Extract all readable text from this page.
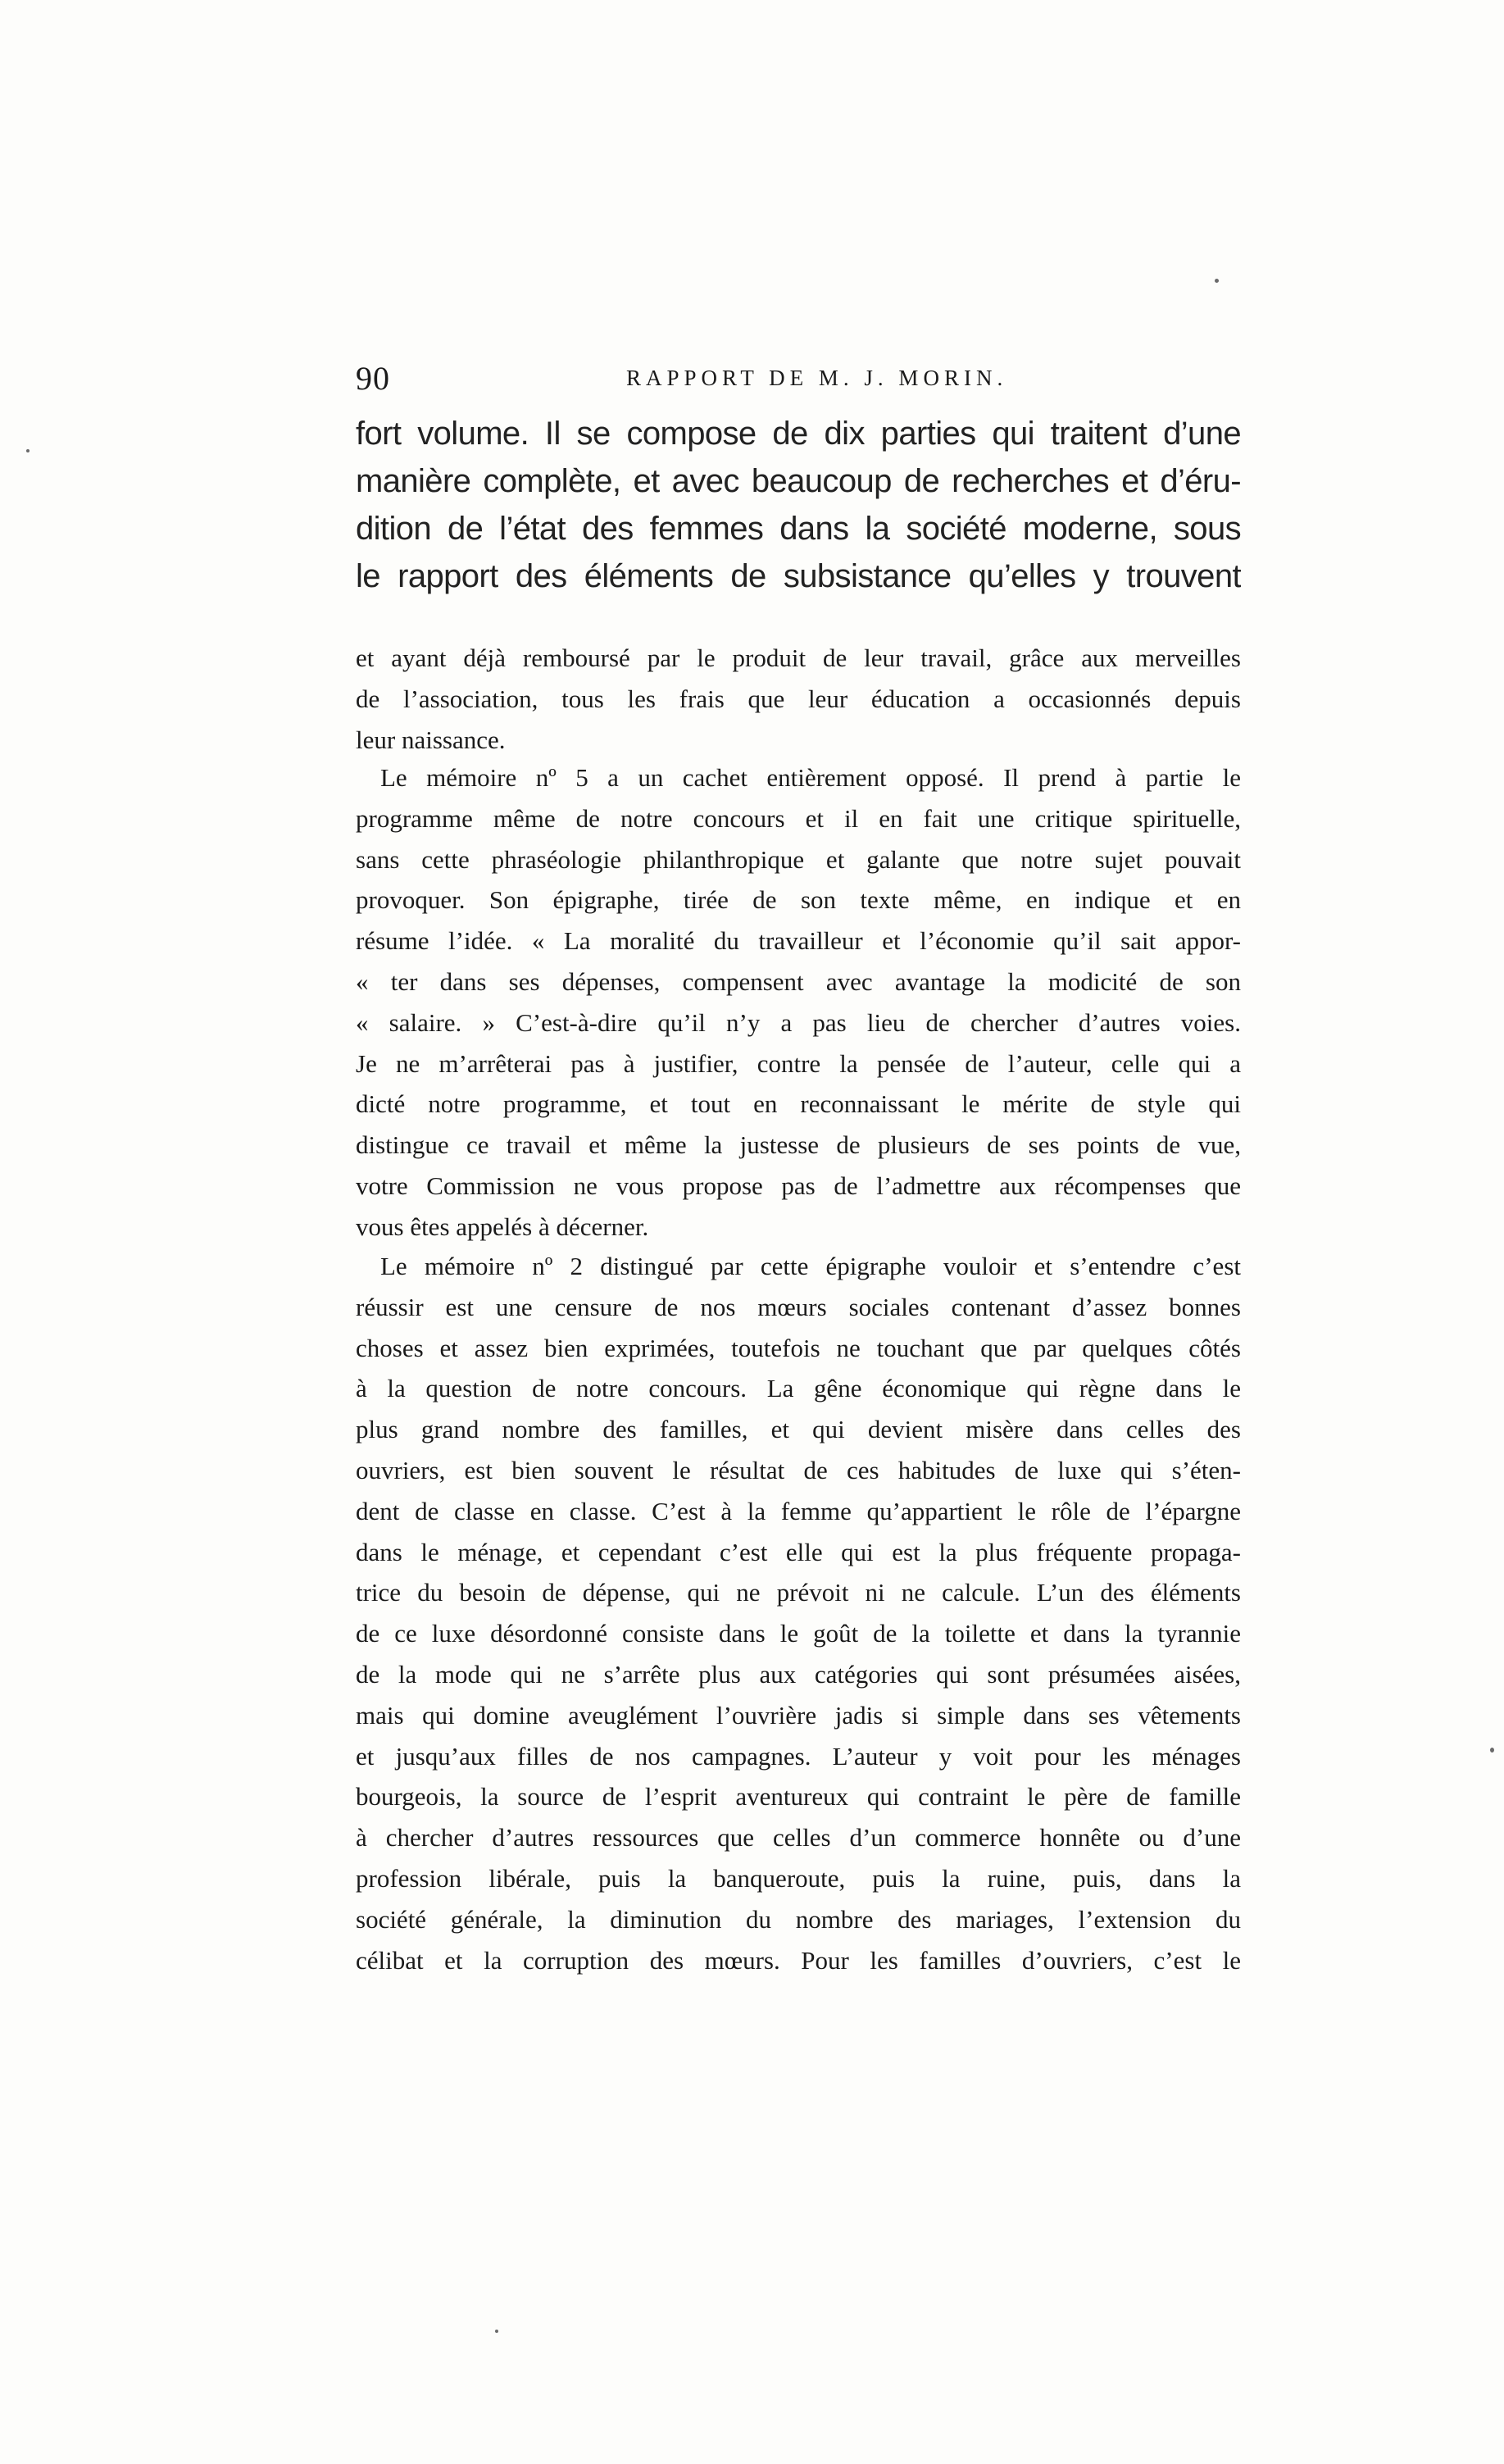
90	RAPPORT DE M. J. MORIN.
fort volume. Il se compose de dix parties qui traitent d’une
manière complète, et avec beaucoup de recherches et d’éru-
dition de l’état des femmes dans la société moderne, sous
le rapport des éléments de subsistance qu’elles y trouvent
et ayant déjà remboursé par le produit de leur travail, grâce aux merveilles
de l’association, tous les frais que leur éducation a occasionnés depuis
leur naissance.
Le mémoire nº 5 a un cachet entièrement opposé. Il prend à partie le
programme même de notre concours et il en fait une critique spirituelle,
sans cette phraséologie philanthropique et galante que notre sujet pouvait
provoquer. Son épigraphe, tirée de son texte même, en indique et en
résume l’idée. « La moralité du travailleur et l’économie qu’il sait appor-
« ter dans ses dépenses, compensent avec avantage la modicité de son
« salaire. » C’est-à-dire qu’il n’y a pas lieu de chercher d’autres voies.
Je ne m’arrêterai pas à justifier, contre la pensée de l’auteur, celle qui a
dicté notre programme, et tout en reconnaissant le mérite de style qui
distingue ce travail et même la justesse de plusieurs de ses points de vue,
votre Commission ne vous propose pas de l’admettre aux récompenses que
vous êtes appelés à décerner.
Le mémoire nº 2 distingué par cette épigraphe vouloir et s’entendre c’est
réussir est une censure de nos mœurs sociales contenant d’assez bonnes
choses et assez bien exprimées, toutefois ne touchant que par quelques côtés
à la question de notre concours. La gêne économique qui règne dans le
plus grand nombre des familles, et qui devient misère dans celles des
ouvriers, est bien souvent le résultat de ces habitudes de luxe qui s’éten-
dent de classe en classe. C’est à la femme qu’appartient le rôle de l’épargne
dans le ménage, et cependant c’est elle qui est la plus fréquente propaga-
trice du besoin de dépense, qui ne prévoit ni ne calcule. L’un des éléments
de ce luxe désordonné consiste dans le goût de la toilette et dans la tyrannie
de la mode qui ne s’arrête plus aux catégories qui sont présumées aisées,
mais qui domine aveuglément l’ouvrière jadis si simple dans ses vêtements
et jusqu’aux filles de nos campagnes. L’auteur y voit pour les ménages
bourgeois, la source de l’esprit aventureux qui contraint le père de famille
à chercher d’autres ressources que celles d’un commerce honnête ou d’une
profession libérale, puis la banqueroute, puis la ruine, puis, dans la
société générale, la diminution du nombre des mariages, l’extension du
célibat et la corruption des mœurs. Pour les familles d’ouvriers, c’est le
